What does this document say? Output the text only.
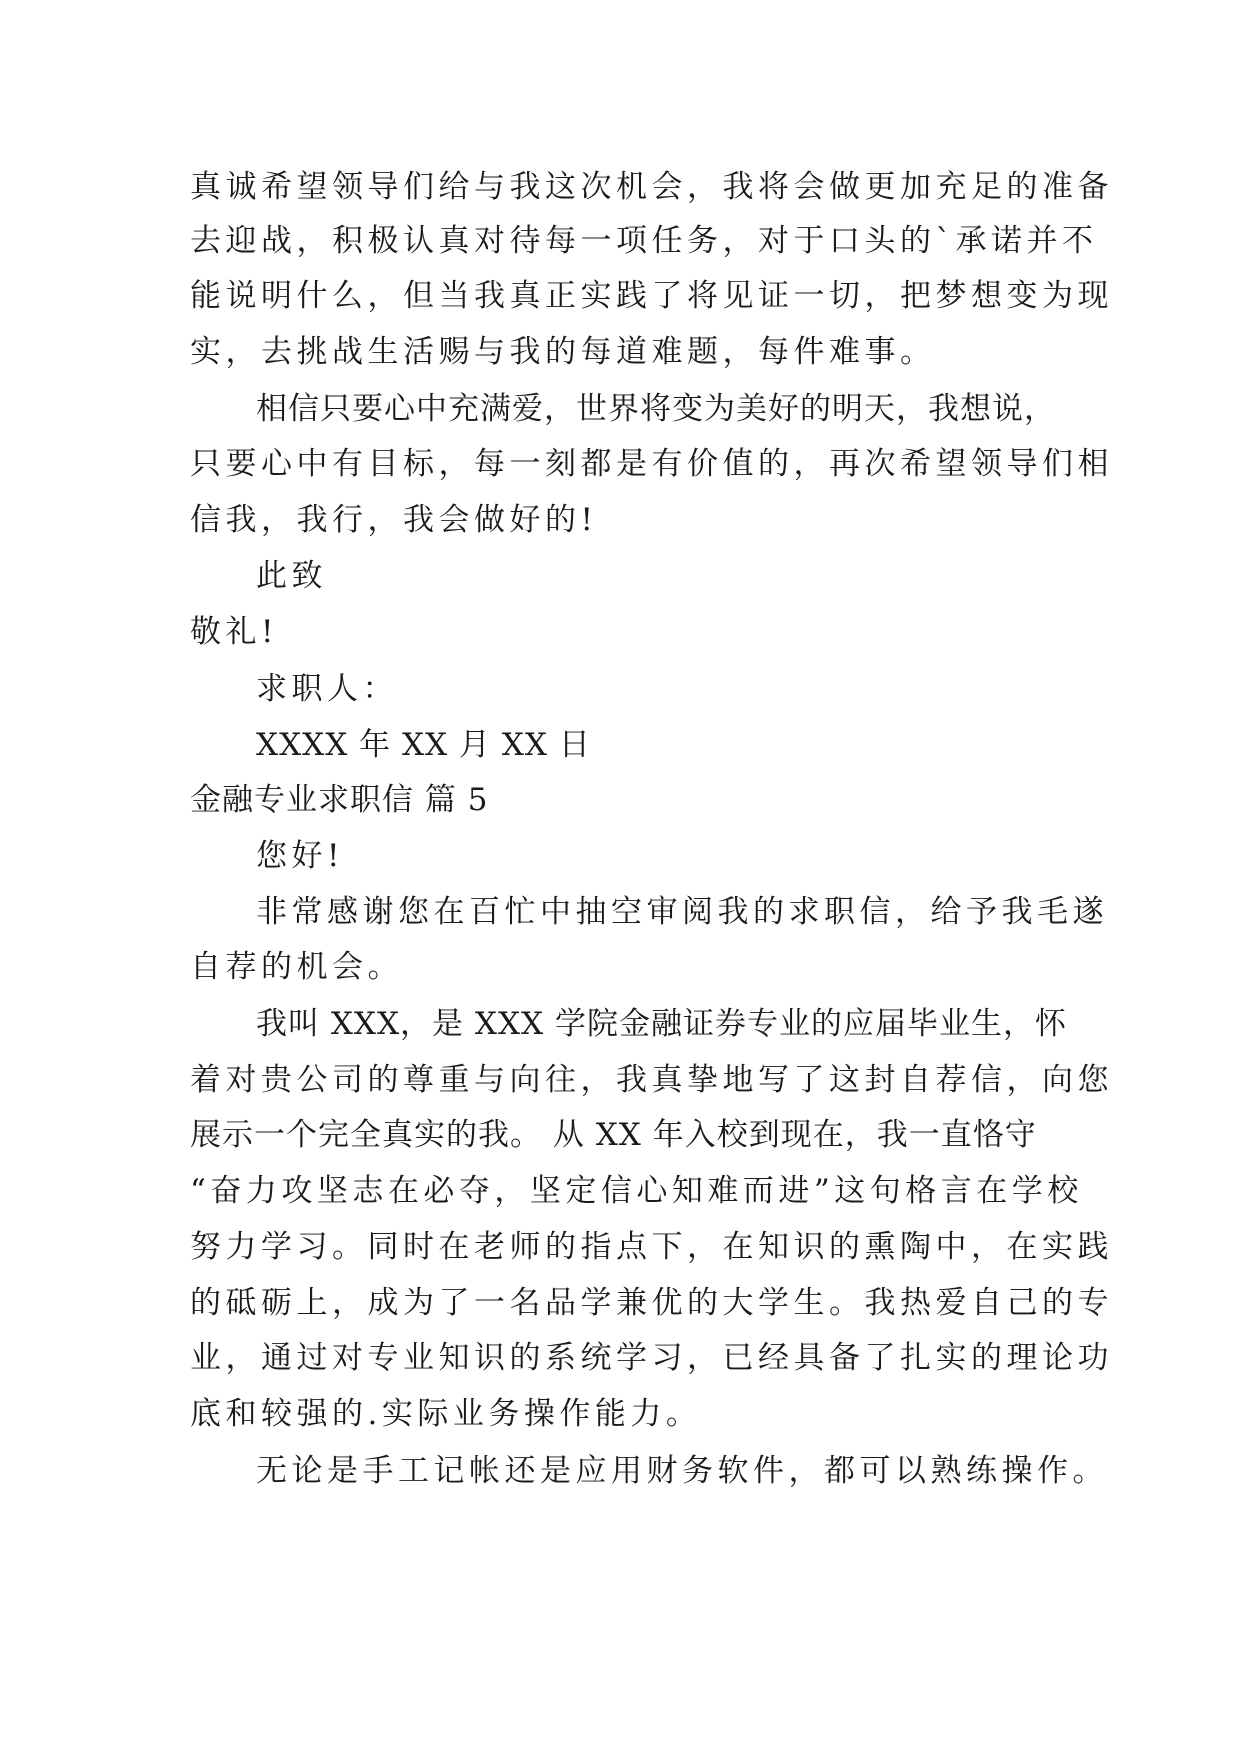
真诚希望领导们给与我这次机会，我将会做更加充足的准备
去迎战，积极认真对待每一项任务，对于口头的`承诺并不
能说明什么，但当我真正实践了将见证一切，把梦想变为现
实，去挑战生活赐与我的每道难题，每件难事。
相信只要心中充满爱，世界将变为美好的明天，我想说，
只要心中有目标，每一刻都是有价值的，再次希望领导们相
信我，我行，我会做好的!
此致
敬礼!
求职人：
XXXX 年 XX 月 XX 日
金融专业求职信 篇 5
您好!
非常感谢您在百忙中抽空审阅我的求职信，给予我毛遂
自荐的机会。
我叫 XXX，是 XXX 学院金融证券专业的应届毕业生，怀
着对贵公司的尊重与向往，我真挚地写了这封自荐信，向您
展示一个完全真实的我。 从 XX 年入校到现在，我一直恪守
“奋力攻坚志在必夺，坚定信心知难而进”这句格言在学校
努力学习。同时在老师的指点下，在知识的熏陶中，在实践
的砥砺上，成为了一名品学兼优的大学生。我热爱自己的专
业，通过对专业知识的系统学习，已经具备了扎实的理论功
底和较强的.实际业务操作能力。
无论是手工记帐还是应用财务软件，都可以熟练操作。
